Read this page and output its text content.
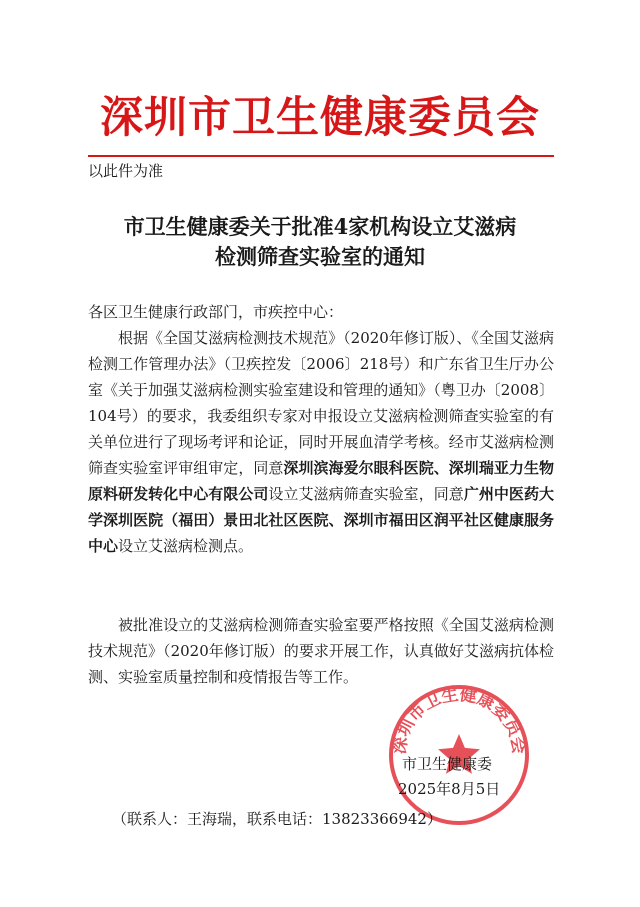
深圳市卫生健康委员会
以此件为准
市卫生健康委关于批准4家机构设立艾滋病
检测筛查实验室的通知
各区卫生健康行政部门，市疾控中心：

根据《全国艾滋病检测技术规范》（2020年修订版）、《全国艾滋病检测工作管理办法》（卫疾控发〔2006〕218号）和广东省卫生厅办公室《关于加强艾滋病检测实验室建设和管理的通知》（粤卫办〔2008〕104号）的要求，我委组织专家对申报设立艾滋病检测筛查实验室的有关单位进行了现场考评和论证，同时开展血清学考核。经市艾滋病检测筛查实验室评审组审定，同意深圳滨海爱尔眼科医院、深圳瑞亚力生物原料研发转化中心有限公司设立艾滋病筛查实验室，同意广州中医药大学深圳医院（福田）景田北社区医院、深圳市福田区润平社区健康服务中心设立艾滋病检测点。

被批准设立的艾滋病检测筛查实验室要严格按照《全国艾滋病检测技术规范》（2020年修订版）的要求开展工作，认真做好艾滋病抗体检测、实验室质量控制和疫情报告等工作。

深圳市卫生健康委员会
市卫生健康委
2025年8月5日
（联系人：王海瑞，联系电话：13823366942）
